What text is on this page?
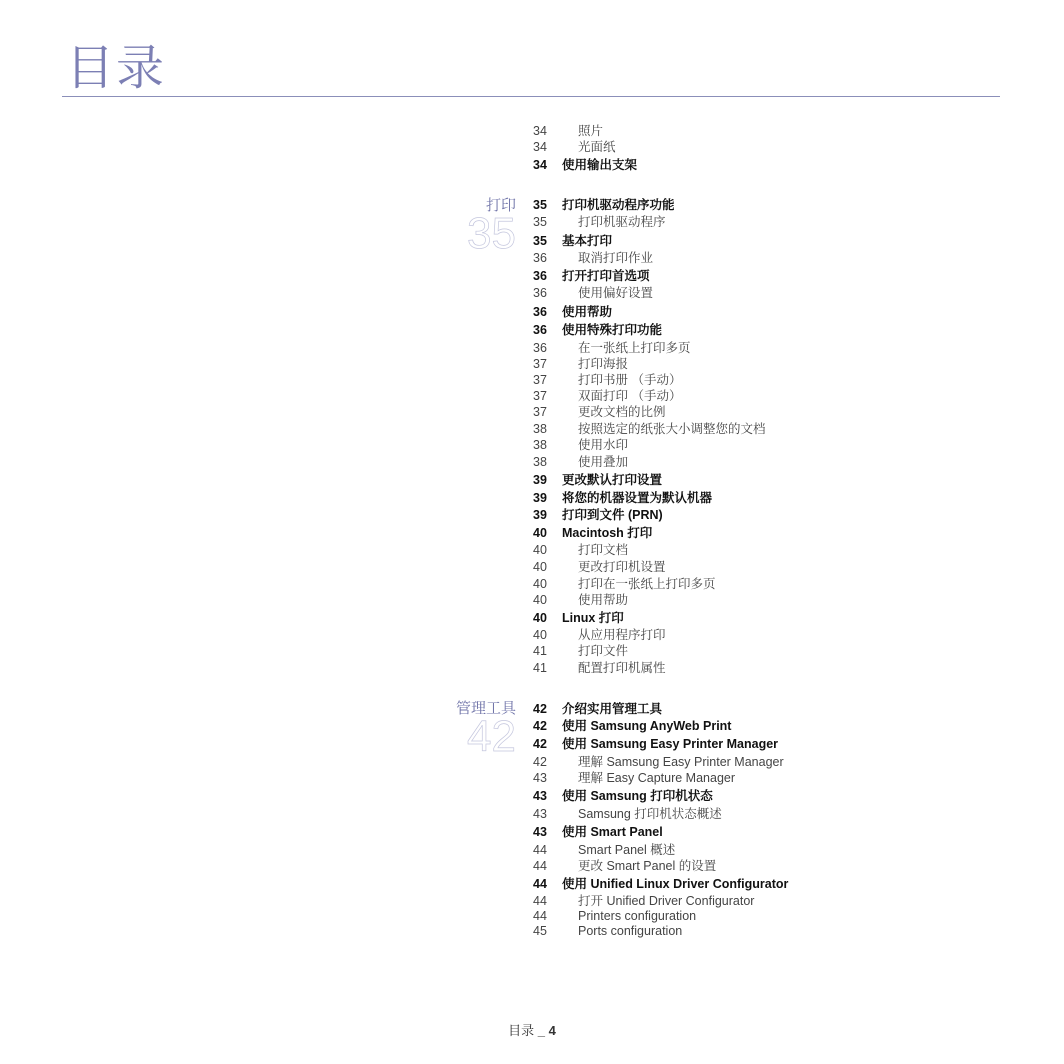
目录
打印
35
管理工具
42
34 照片
34 光面纸
34 使用输出支架
35 打印机驱动程序功能
35 打印机驱动程序
35 基本打印
36 取消打印作业
36 打开打印首选项
36 使用偏好设置
36 使用帮助
36 使用特殊打印功能
36 在一张纸上打印多页
37 打印海报
37 打印书册 （手动）
37 双面打印 （手动）
37 更改文档的比例
38 按照选定的纸张大小调整您的文档
38 使用水印
38 使用叠加
39 更改默认打印设置
39 将您的机器设置为默认机器
39 打印到文件 (PRN)
40 Macintosh 打印
40 打印文档
40 更改打印机设置
40 打印在一张纸上打印多页
40 使用帮助
40 Linux 打印
40 从应用程序打印
41 打印文件
41 配置打印机属性
42 介绍实用管理工具
42 使用 Samsung AnyWeb Print
42 使用 Samsung Easy Printer Manager
42 理解 Samsung Easy Printer Manager
43 理解 Easy Capture Manager
43 使用 Samsung 打印机状态
43 Samsung 打印机状态概述
43 使用 Smart Panel
44 Smart Panel 概述
44 更改 Smart Panel 的设置
44 使用 Unified Linux Driver Configurator
44 打开 Unified Driver Configurator
44 Printers configuration
45 Ports configuration
目录 _ 4
